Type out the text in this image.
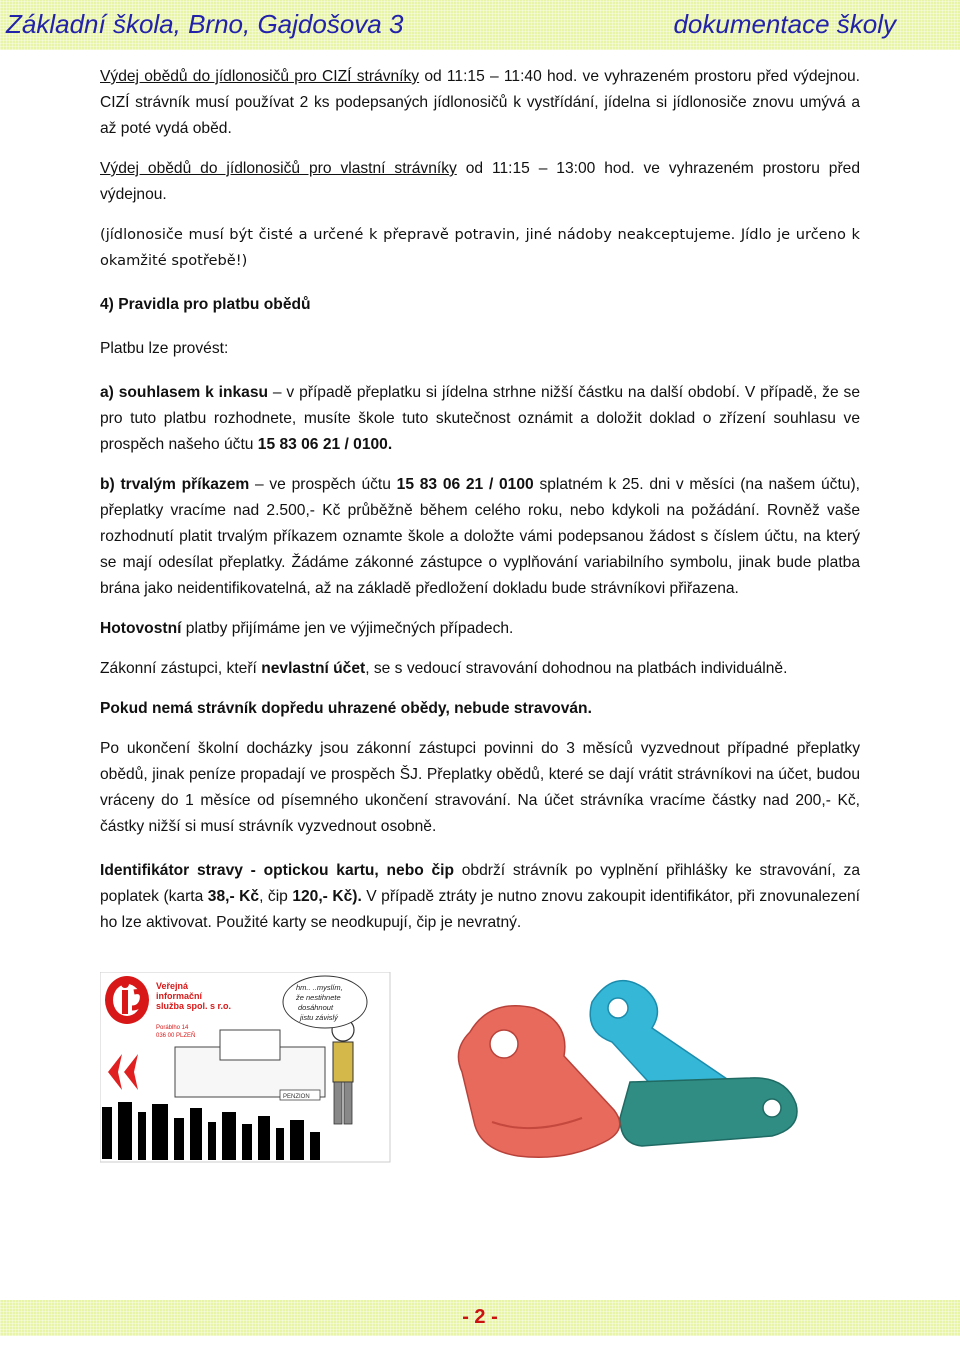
Základní škola, Brno, Gajdošova 3	dokumentace školy

Výdej obědů do jídlonosičů pro CIZÍ strávníky od 11:15 – 11:40 hod. ve vyhrazeném prostoru před výdejnou. CIZÍ strávník musí používat 2 ks podepsaných jídlonosičů k vystřídání, jídelna si jídlonosiče znovu umývá a až poté vydá oběd.

Výdej obědů do jídlonosičů pro vlastní strávníky od 11:15 – 13:00 hod. ve vyhrazeném prostoru před výdejnou.

(jídlonosiče musí být čisté a určené k přepravě potravin, jiné nádoby neakceptujeme. Jídlo je určeno k okamžité spotřebě!)

4) Pravidla pro platbu obědů

Platbu lze provést:

a) souhlasem k inkasu – v případě přeplatku si jídelna strhne nižší částku na další období. V případě, že se pro tuto platbu rozhodnete, musíte škole tuto skutečnost oznámit a doložit doklad o zřízení souhlasu ve prospěch našeho účtu 15 83 06 21 / 0100.

b) trvalým příkazem – ve prospěch účtu 15 83 06 21 / 0100 splatném k 25. dni v měsíci (na našem účtu), přeplatky vracíme nad 2.500,- Kč průběžně během celého roku, nebo kdykoli na požádání. Rovněž vaše rozhodnutí platit trvalým příkazem oznamte škole a doložte vámi podepsanou žádost s číslem účtu, na který se mají odesílat přeplatky. Žádáme zákonné zástupce o vyplňování variabilního symbolu, jinak bude platba brána jako neidentifikovatelná, až na základě předložení dokladu bude strávníkovi přiřazena.

Hotovostní platby přijímáme jen ve výjimečných případech.

Zákonní zástupci, kteří nevlastní účet, se s vedoucí stravování dohodnou na platbách individuálně.

Pokud nemá strávník dopředu uhrazené obědy, nebude stravován.

Po ukončení školní docházky jsou zákonní zástupci povinni do 3 měsíců vyzvednout případné přeplatky obědů, jinak peníze propadají ve prospěch ŠJ. Přeplatky obědů, které se dají vrátit strávníkovi na účet, budou vráceny do 1 měsíce od písemného ukončení stravování. Na účet strávníka vracíme částky nad 200,- Kč, částky nižší si musí strávník vyzvednout osobně.

Identifikátor stravy - optickou kartu, nebo čip obdrží strávník po vyplnění přihlášky ke stravování, za poplatek (karta 38,- Kč, čip 120,- Kč). V případě ztráty je nutno znovu zakoupit identifikátor, při znovunalezení ho lze aktivovat. Použité karty se neodkupují, čip je nevratný.

Veřejná
informační
služba spol. s r.o.
Poráblho 14
036 00 PLZEŇ
PENZION
hm.. ..myslím,
že nestihnete
dosáhnout
jistu závislý
- 2 -
